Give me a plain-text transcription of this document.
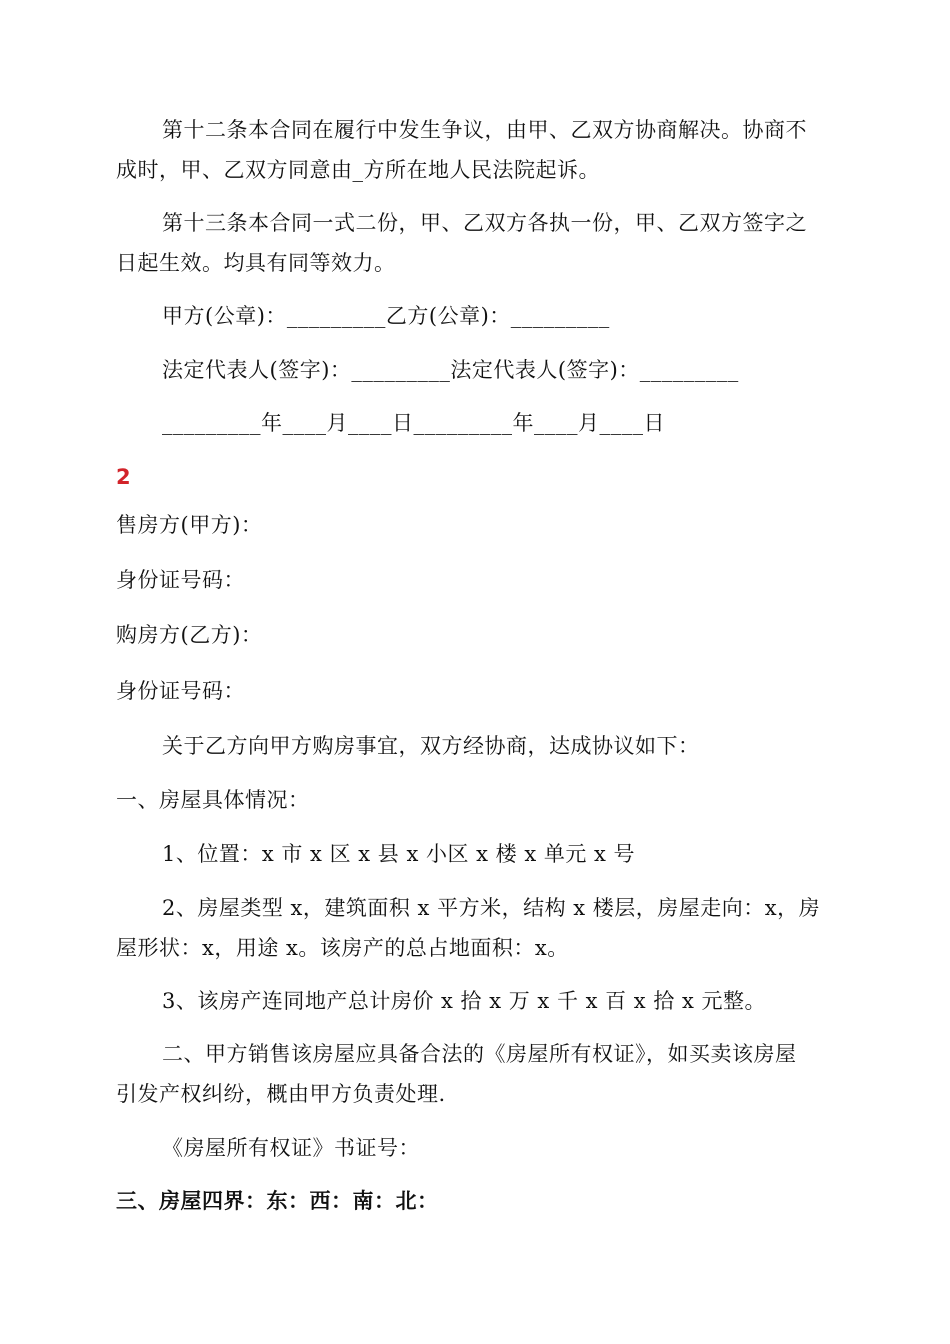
第十二条本合同在履行中发生争议，由甲、乙双方协商解决。协商不
成时，甲、乙双方同意由_方所在地人民法院起诉。
第十三条本合同一式二份，甲、乙双方各执一份，甲、乙双方签字之
日起生效。均具有同等效力。
甲方(公章)：_________乙方(公章)：_________
法定代表人(签字)：_________法定代表人(签字)：_________
_________年____月____日_________年____月____日
2
售房方(甲方)：
身份证号码：
购房方(乙方)：
身份证号码：
关于乙方向甲方购房事宜，双方经协商，达成协议如下：
一、房屋具体情况：
1、位置：x 市 x 区 x 县 x 小区 x 楼 x 单元 x 号
2、房屋类型 x，建筑面积 x 平方米，结构 x 楼层，房屋走向：x，房
屋形状：x，用途 x。该房产的总占地面积：x。
3、该房产连同地产总计房价 x 拾 x 万 x 千 x 百 x 拾 x 元整。
二、甲方销售该房屋应具备合法的《房屋所有权证》，如买卖该房屋
引发产权纠纷，概由甲方负责处理.
《房屋所有权证》书证号：
三、房屋四界：东：西：南：北：
